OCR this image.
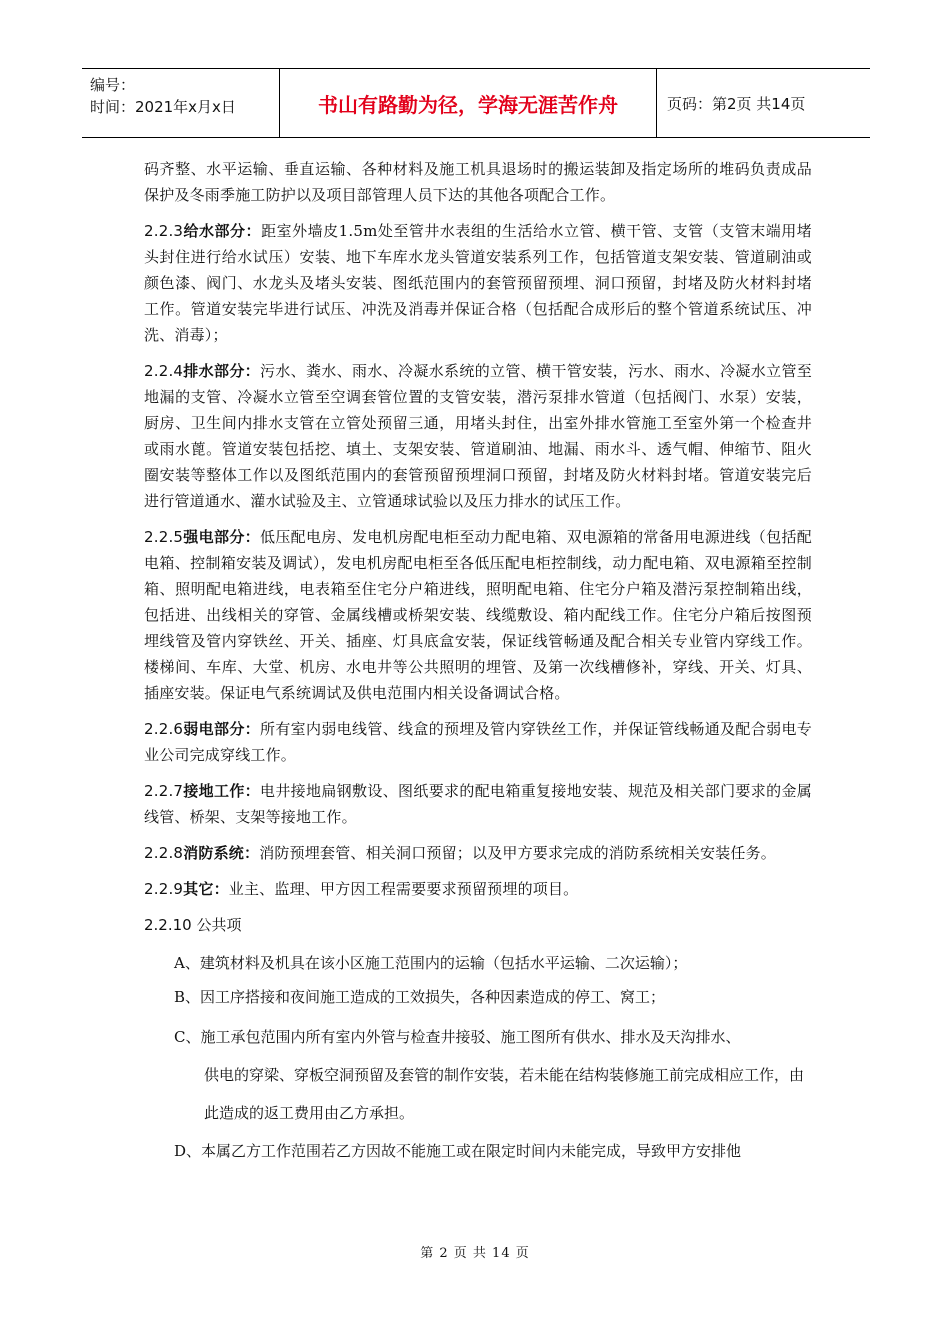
编号：
时间：2021年x月x日	书山有路勤为径，学海无涯苦作舟	页码：第2页 共14页

码齐整、水平运输、垂直运输、各种材料及施工机具退场时的搬运装卸及指定场所的堆码负责成品保护及冬雨季施工防护以及项目部管理人员下达的其他各项配合工作。

2.2.3给水部分：距室外墙皮1.5m处至管井水表组的生活给水立管、横干管、支管（支管末端用堵头封住进行给水试压）安装、地下车库水龙头管道安装系列工作，包括管道支架安装、管道刷油或颜色漆、阀门、水龙头及堵头安装、图纸范围内的套管预留预埋、洞口预留，封堵及防火材料封堵工作。管道安装完毕进行试压、冲洗及消毒并保证合格（包括配合成形后的整个管道系统试压、冲洗、消毒）；

2.2.4排水部分：污水、粪水、雨水、冷凝水系统的立管、横干管安装，污水、雨水、冷凝水立管至地漏的支管、冷凝水立管至空调套管位置的支管安装，潜污泵排水管道（包括阀门、水泵）安装，厨房、卫生间内排水支管在立管处预留三通，用堵头封住，出室外排水管施工至室外第一个检查井或雨水蓖。管道安装包括挖、填土、支架安装、管道刷油、地漏、雨水斗、透气帽、伸缩节、阻火圈安装等整体工作以及图纸范围内的套管预留预埋洞口预留，封堵及防火材料封堵。管道安装完后进行管道通水、灌水试验及主、立管通球试验以及压力排水的试压工作。

2.2.5强电部分：低压配电房、发电机房配电柜至动力配电箱、双电源箱的常备用电源进线（包括配电箱、控制箱安装及调试），发电机房配电柜至各低压配电柜控制线，动力配电箱、双电源箱至控制箱、照明配电箱进线，电表箱至住宅分户箱进线，照明配电箱、住宅分户箱及潜污泵控制箱出线，包括进、出线相关的穿管、金属线槽或桥架安装、线缆敷设、箱内配线工作。住宅分户箱后按图预埋线管及管内穿铁丝、开关、插座、灯具底盒安装，保证线管畅通及配合相关专业管内穿线工作。楼梯间、车库、大堂、机房、水电井等公共照明的埋管、及第一次线槽修补，穿线、开关、灯具、插座安装。保证电气系统调试及供电范围内相关设备调试合格。

2.2.6弱电部分：所有室内弱电线管、线盒的预埋及管内穿铁丝工作，并保证管线畅通及配合弱电专业公司完成穿线工作。

2.2.7接地工作：电井接地扁钢敷设、图纸要求的配电箱重复接地安装、规范及相关部门要求的金属线管、桥架、支架等接地工作。

2.2.8消防系统：消防预埋套管、相关洞口预留；以及甲方要求完成的消防系统相关安装任务。

2.2.9其它：业主、监理、甲方因工程需要要求预留预埋的项目。

2.2.10 公共项
A、建筑材料及机具在该小区施工范围内的运输（包括水平运输、二次运输）；
B、因工序搭接和夜间施工造成的工效损失，各种因素造成的停工、窝工；
C、施工承包范围内所有室内外管与检查井接驳、施工图所有供水、排水及天沟排水、
供电的穿梁、穿板空洞预留及套管的制作安装，若未能在结构装修施工前完成相应工作，由此造成的返工费用由乙方承担。
D、本属乙方工作范围若乙方因故不能施工或在限定时间内未能完成，导致甲方安排他
第 2 页 共 14 页
